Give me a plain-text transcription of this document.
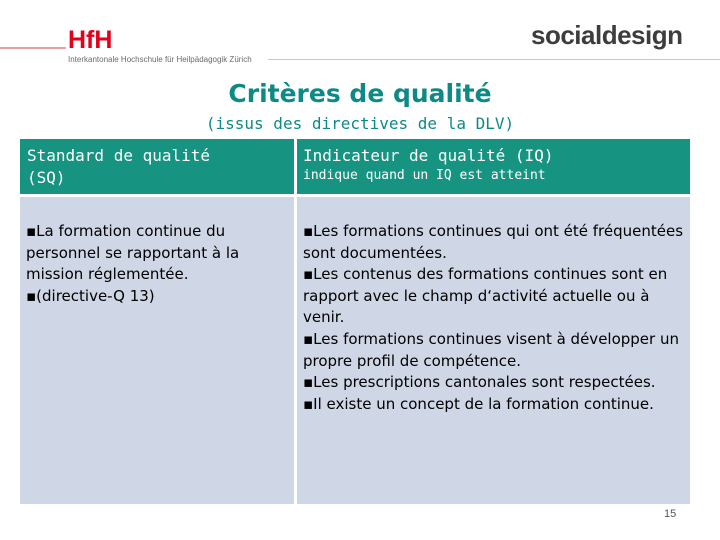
HfH
Interkantonale Hochschule für Heilpädagogik Zürich
socialdesign
Critères de qualité
(issus des directives de la DLV)
Standard de qualité
(SQ)
Indicateur de qualité (IQ)
indique quand un IQ est atteint
▪La formation continue du personnel se rapportant à la mission réglementée.
▪(directive-Q 13)
▪Les formations continues qui ont été fréquentées sont documentées.
▪Les contenus des formations continues sont en rapport avec le champ d‘activité actuelle ou à venir.
▪Les formations continues visent à développer un propre profil de compétence.
▪Les prescriptions cantonales sont respectées.
▪Il existe un concept de la formation continue.
15
